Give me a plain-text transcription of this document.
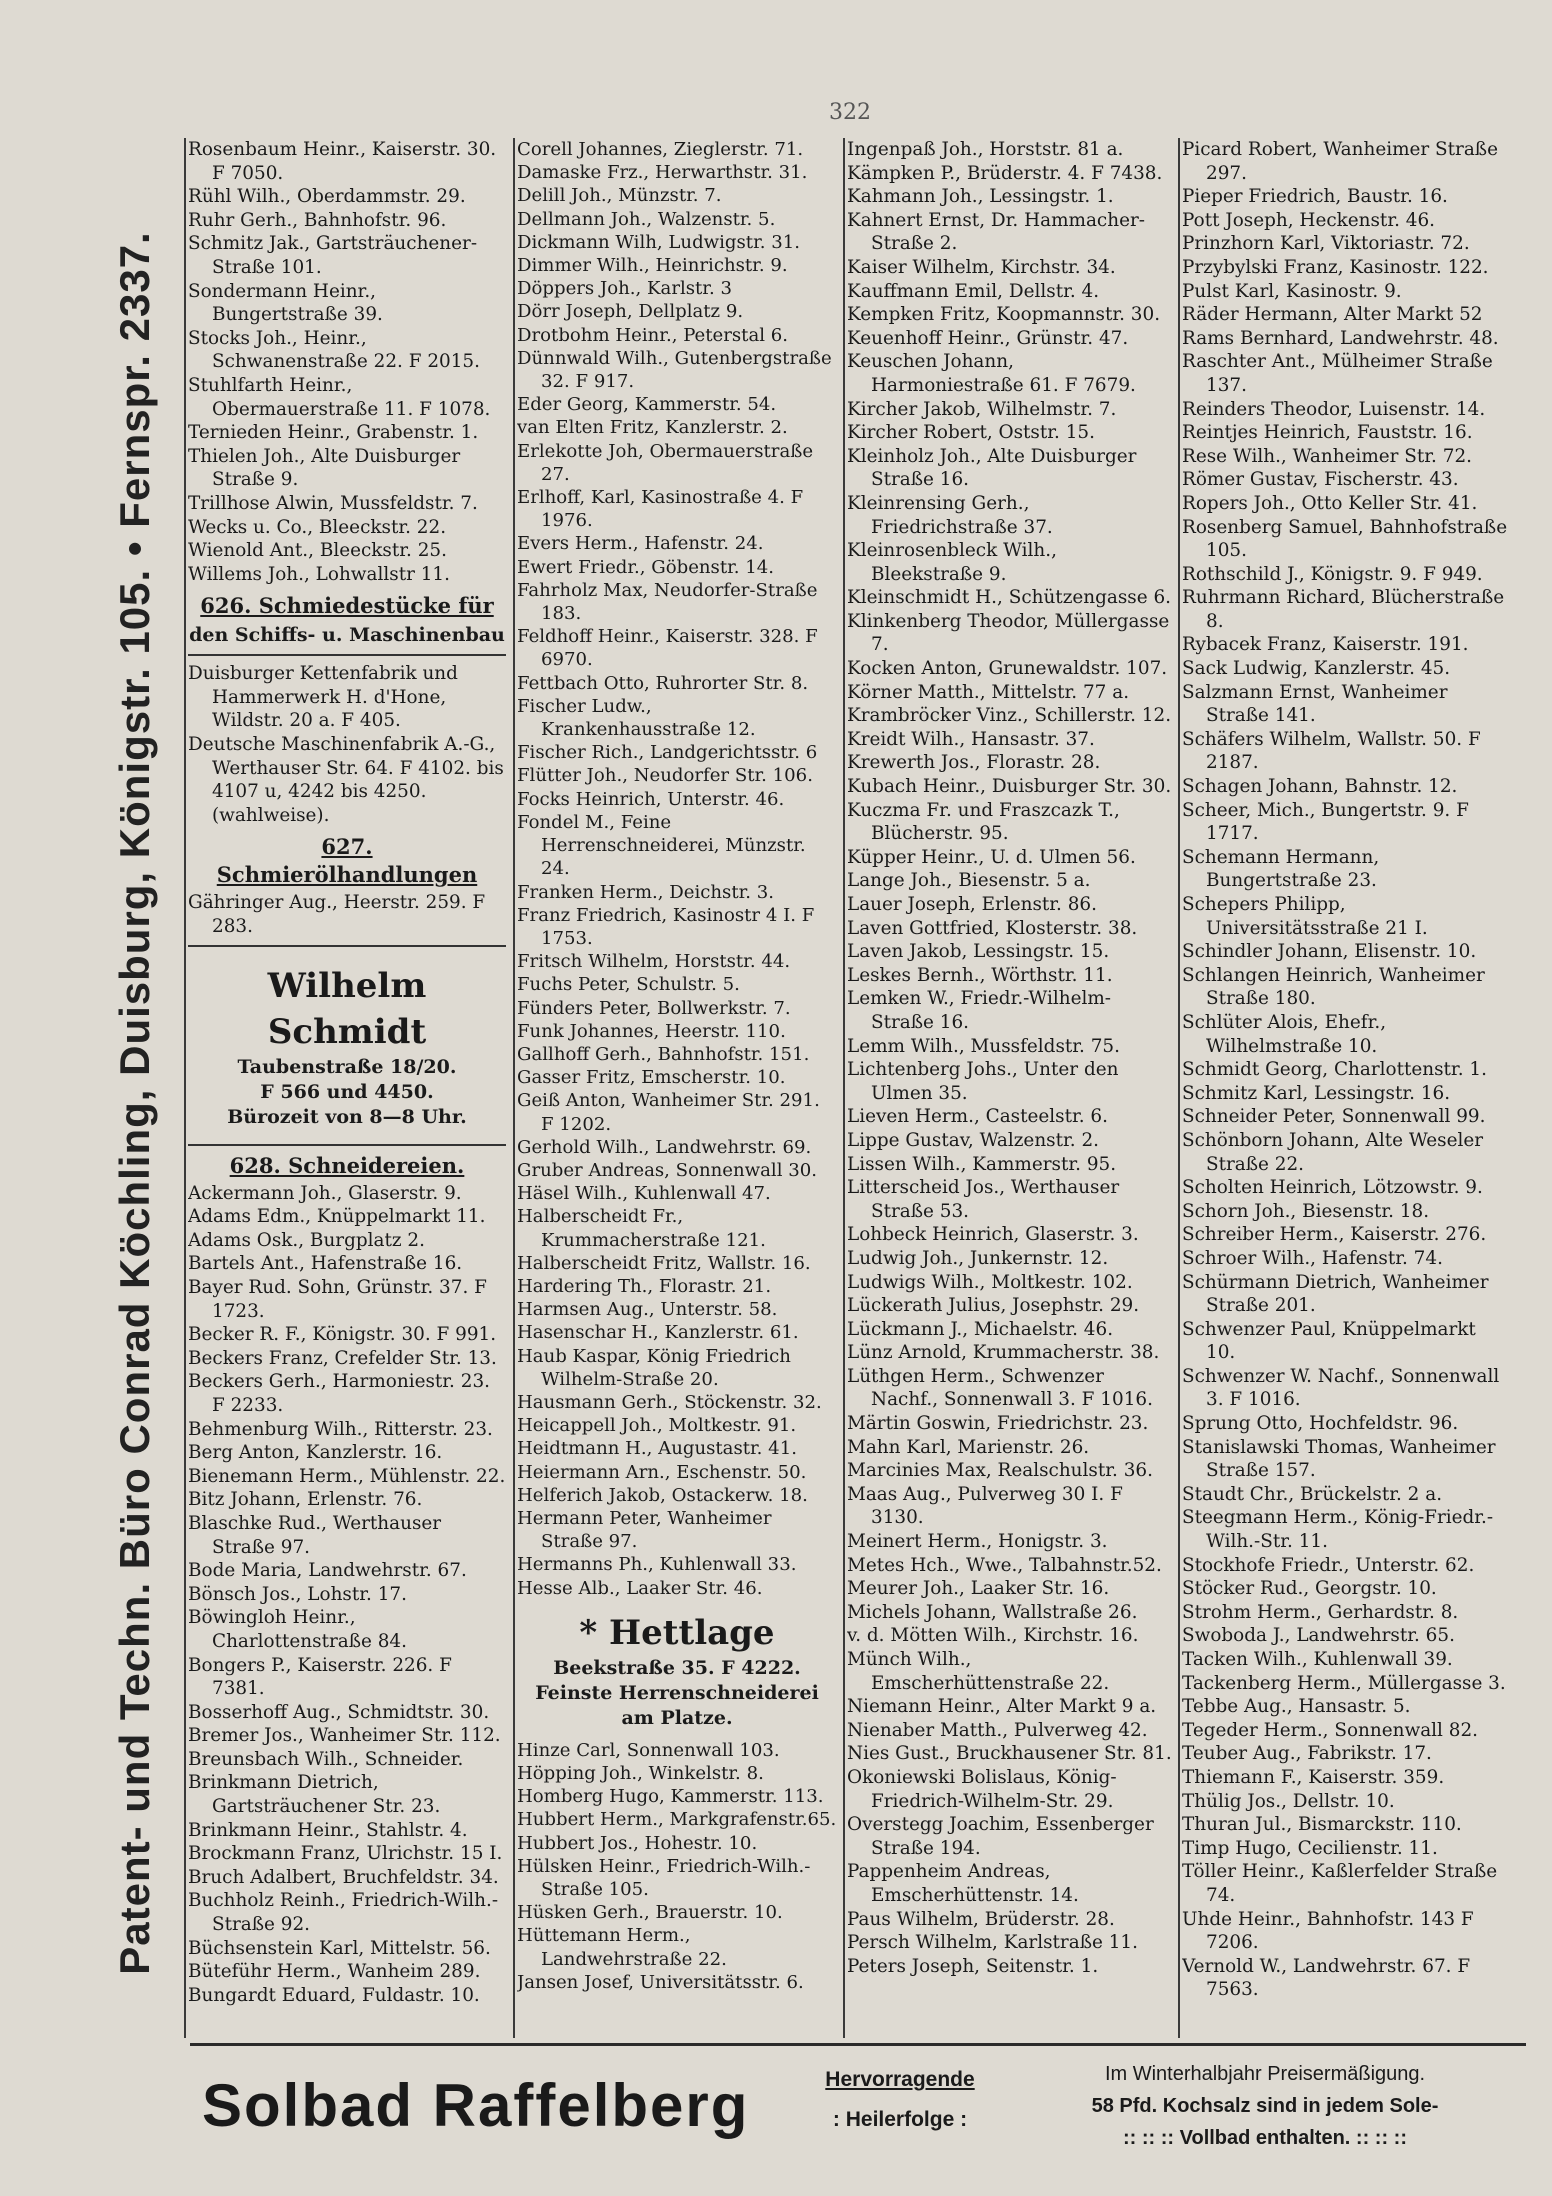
322
Patent- und Techn. Büro Conrad Köchling, Duisburg, Königstr. 105. • Fernspr. 2337.

Rosenbaum Heinr., Kaiserstr. 30. F 7050.

Rühl Wilh., Oberdammstr. 29.

Ruhr Gerh., Bahnhofstr. 96.

Schmitz Jak., Gartsträuchener-Straße 101.

Sondermann Heinr., Bungertstraße 39.

Stocks Joh., Heinr., Schwanenstraße 22. F 2015.

Stuhlfarth Heinr., Obermauerstraße 11. F 1078.

Ternieden Heinr., Grabenstr. 1.

Thielen Joh., Alte Duisburger Straße 9.

Trillhose Alwin, Mussfeldstr. 7.

Wecks u. Co., Bleeckstr. 22.

Wienold Ant., Bleeckstr. 25.

Willems Joh., Lohwallstr 11.

626. Schmiedestücke für
den Schiffs- u. Maschinenbau

Duisburger Kettenfabrik und Hammerwerk H. d'Hone, Wildstr. 20 a. F 405.

Deutsche Maschinenfabrik A.-G., Werthauser Str. 64. F 4102. bis 4107 u, 4242 bis 4250. (wahlweise).

627. Schmierölhandlungen

Gähringer Aug., Heerstr. 259. F 283.

Wilhelm Schmidt
Taubenstraße 18/20.
F 566 und 4450.
Bürozeit von 8—8 Uhr.
628. Schneidereien.

Ackermann Joh., Glaserstr. 9.

Adams Edm., Knüppelmarkt 11.

Adams Osk., Burgplatz 2.

Bartels Ant., Hafenstraße 16.

Bayer Rud. Sohn, Grünstr. 37. F 1723.

Becker R. F., Königstr. 30. F 991.

Beckers Franz, Crefelder Str. 13.

Beckers Gerh., Harmoniestr. 23. F 2233.

Behmenburg Wilh., Ritterstr. 23.

Berg Anton, Kanzlerstr. 16.

Bienemann Herm., Mühlenstr. 22.

Bitz Johann, Erlenstr. 76.

Blaschke Rud., Werthauser Straße 97.

Bode Maria, Landwehrstr. 67.

Bönsch Jos., Lohstr. 17.

Böwingloh Heinr., Charlottenstraße 84.

Bongers P., Kaiserstr. 226. F 7381.

Bosserhoff Aug., Schmidtstr. 30.

Bremer Jos., Wanheimer Str. 112.

Breunsbach Wilh., Schneider.

Brinkmann Dietrich, Gartsträuchener Str. 23.

Brinkmann Heinr., Stahlstr. 4.

Brockmann Franz, Ulrichstr. 15 I.

Bruch Adalbert, Bruchfeldstr. 34.

Buchholz Reinh., Friedrich-Wilh.-Straße 92.

Büchsenstein Karl, Mittelstr. 56.

Büteführ Herm., Wanheim 289.

Bungardt Eduard, Fuldastr. 10.

Corell Johannes, Zieglerstr. 71.

Damaske Frz., Herwarthstr. 31.

Delill Joh., Münzstr. 7.

Dellmann Joh., Walzenstr. 5.

Dickmann Wilh, Ludwigstr. 31.

Dimmer Wilh., Heinrichstr. 9.

Döppers Joh., Karlstr. 3

Dörr Joseph, Dellplatz 9.

Drotbohm Heinr., Peterstal 6.

Dünnwald Wilh., Gutenbergstraße 32. F 917.

Eder Georg, Kammerstr. 54.

van Elten Fritz, Kanzlerstr. 2.

Erlekotte Joh, Obermauerstraße 27.

Erlhoff, Karl, Kasinostraße 4. F 1976.

Evers Herm., Hafenstr. 24.

Ewert Friedr., Göbenstr. 14.

Fahrholz Max, Neudorfer-Straße 183.

Feldhoff Heinr., Kaiserstr. 328. F 6970.

Fettbach Otto, Ruhrorter Str. 8.

Fischer Ludw., Krankenhausstraße 12.

Fischer Rich., Landgerichtsstr. 6

Flütter Joh., Neudorfer Str. 106.

Focks Heinrich, Unterstr. 46.

Fondel M., Feine Herrenschneiderei, Münzstr. 24.

Franken Herm., Deichstr. 3.

Franz Friedrich, Kasinostr 4 I. F 1753.

Fritsch Wilhelm, Horststr. 44.

Fuchs Peter, Schulstr. 5.

Fünders Peter, Bollwerkstr. 7.

Funk Johannes, Heerstr. 110.

Gallhoff Gerh., Bahnhofstr. 151.

Gasser Fritz, Emscherstr. 10.

Geiß Anton, Wanheimer Str. 291. F 1202.

Gerhold Wilh., Landwehrstr. 69.

Gruber Andreas, Sonnenwall 30.

Häsel Wilh., Kuhlenwall 47.

Halberscheidt Fr., Krummacherstraße 121.

Halberscheidt Fritz, Wallstr. 16.

Hardering Th., Florastr. 21.

Harmsen Aug., Unterstr. 58.

Hasenschar H., Kanzlerstr. 61.

Haub Kaspar, König Friedrich Wilhelm-Straße 20.

Hausmann Gerh., Stöckenstr. 32.

Heicappell Joh., Moltkestr. 91.

Heidtmann H., Augustastr. 41.

Heiermann Arn., Eschenstr. 50.

Helferich Jakob, Ostackerw. 18.

Hermann Peter, Wanheimer Straße 97.

Hermanns Ph., Kuhlenwall 33.

Hesse Alb., Laaker Str. 46.

* Hettlage
Beekstraße 35. F 4222.
Feinste Herrenschneiderei am Platze.

Hinze Carl, Sonnenwall 103.

Höpping Joh., Winkelstr. 8.

Homberg Hugo, Kammerstr. 113.

Hubbert Herm., Markgrafenstr.65.

Hubbert Jos., Hohestr. 10.

Hülsken Heinr., Friedrich-Wilh.-Straße 105.

Hüsken Gerh., Brauerstr. 10.

Hüttemann Herm., Landwehrstraße 22.

Jansen Josef, Universitätsstr. 6.

Ingenpaß Joh., Horststr. 81 a.

Kämpken P., Brüderstr. 4. F 7438.

Kahmann Joh., Lessingstr. 1.

Kahnert Ernst, Dr. Hammacher-Straße 2.

Kaiser Wilhelm, Kirchstr. 34.

Kauffmann Emil, Dellstr. 4.

Kempken Fritz, Koopmannstr. 30.

Keuenhoff Heinr., Grünstr. 47.

Keuschen Johann, Harmoniestraße 61. F 7679.

Kircher Jakob, Wilhelmstr. 7.

Kircher Robert, Oststr. 15.

Kleinholz Joh., Alte Duisburger Straße 16.

Kleinrensing Gerh., Friedrichstraße 37.

Kleinrosenbleck Wilh., Bleekstraße 9.

Kleinschmidt H., Schützengasse 6.

Klinkenberg Theodor, Müllergasse 7.

Kocken Anton, Grunewaldstr. 107.

Körner Matth., Mittelstr. 77 a.

Krambröcker Vinz., Schillerstr. 12.

Kreidt Wilh., Hansastr. 37.

Krewerth Jos., Florastr. 28.

Kubach Heinr., Duisburger Str. 30.

Kuczma Fr. und Fraszcazk T., Blücherstr. 95.

Küpper Heinr., U. d. Ulmen 56.

Lange Joh., Biesenstr. 5 a.

Lauer Joseph, Erlenstr. 86.

Laven Gottfried, Klosterstr. 38.

Laven Jakob, Lessingstr. 15.

Leskes Bernh., Wörthstr. 11.

Lemken W., Friedr.-Wilhelm-Straße 16.

Lemm Wilh., Mussfeldstr. 75.

Lichtenberg Johs., Unter den Ulmen 35.

Lieven Herm., Casteelstr. 6.

Lippe Gustav, Walzenstr. 2.

Lissen Wilh., Kammerstr. 95.

Litterscheid Jos., Werthauser Straße 53.

Lohbeck Heinrich, Glaserstr. 3.

Ludwig Joh., Junkernstr. 12.

Ludwigs Wilh., Moltkestr. 102.

Lückerath Julius, Josephstr. 29.

Lückmann J., Michaelstr. 46.

Lünz Arnold, Krummacherstr. 38.

Lüthgen Herm., Schwenzer Nachf., Sonnenwall 3. F 1016.

Märtin Goswin, Friedrichstr. 23.

Mahn Karl, Marienstr. 26.

Marcinies Max, Realschulstr. 36.

Maas Aug., Pulverweg 30 I. F 3130.

Meinert Herm., Honigstr. 3.

Metes Hch., Wwe., Talbahnstr.52.

Meurer Joh., Laaker Str. 16.

Michels Johann, Wallstraße 26.

v. d. Mötten Wilh., Kirchstr. 16.

Münch Wilh., Emscherhüttenstraße 22.

Niemann Heinr., Alter Markt 9 a.

Nienaber Matth., Pulverweg 42.

Nies Gust., Bruckhausener Str. 81.

Okoniewski Bolislaus, König-Friedrich-Wilhelm-Str. 29.

Overstegg Joachim, Essenberger Straße 194.

Pappenheim Andreas, Emscherhüttenstr. 14.

Paus Wilhelm, Brüderstr. 28.

Persch Wilhelm, Karlstraße 11.

Peters Joseph, Seitenstr. 1.

Picard Robert, Wanheimer Straße 297.

Pieper Friedrich, Baustr. 16.

Pott Joseph, Heckenstr. 46.

Prinzhorn Karl, Viktoriastr. 72.

Przybylski Franz, Kasinostr. 122.

Pulst Karl, Kasinostr. 9.

Räder Hermann, Alter Markt 52

Rams Bernhard, Landwehrstr. 48.

Raschter Ant., Mülheimer Straße 137.

Reinders Theodor, Luisenstr. 14.

Reintjes Heinrich, Fauststr. 16.

Rese Wilh., Wanheimer Str. 72.

Römer Gustav, Fischerstr. 43.

Ropers Joh., Otto Keller Str. 41.

Rosenberg Samuel, Bahnhofstraße 105.

Rothschild J., Königstr. 9. F 949.

Ruhrmann Richard, Blücherstraße 8.

Rybacek Franz, Kaiserstr. 191.

Sack Ludwig, Kanzlerstr. 45.

Salzmann Ernst, Wanheimer Straße 141.

Schäfers Wilhelm, Wallstr. 50. F 2187.

Schagen Johann, Bahnstr. 12.

Scheer, Mich., Bungertstr. 9. F 1717.

Schemann Hermann, Bungertstraße 23.

Schepers Philipp, Universitätsstraße 21 I.

Schindler Johann, Elisenstr. 10.

Schlangen Heinrich, Wanheimer Straße 180.

Schlüter Alois, Ehefr., Wilhelmstraße 10.

Schmidt Georg, Charlottenstr. 1.

Schmitz Karl, Lessingstr. 16.

Schneider Peter, Sonnenwall 99.

Schönborn Johann, Alte Weseler Straße 22.

Scholten Heinrich, Lötzowstr. 9.

Schorn Joh., Biesenstr. 18.

Schreiber Herm., Kaiserstr. 276.

Schroer Wilh., Hafenstr. 74.

Schürmann Dietrich, Wanheimer Straße 201.

Schwenzer Paul, Knüppelmarkt 10.

Schwenzer W. Nachf., Sonnenwall 3. F 1016.

Sprung Otto, Hochfeldstr. 96.

Stanislawski Thomas, Wanheimer Straße 157.

Staudt Chr., Brückelstr. 2 a.

Steegmann Herm., König-Friedr.-Wilh.-Str. 11.

Stockhofe Friedr., Unterstr. 62.

Stöcker Rud., Georgstr. 10.

Strohm Herm., Gerhardstr. 8.

Swoboda J., Landwehrstr. 65.

Tacken Wilh., Kuhlenwall 39.

Tackenberg Herm., Müllergasse 3.

Tebbe Aug., Hansastr. 5.

Tegeder Herm., Sonnenwall 82.

Teuber Aug., Fabrikstr. 17.

Thiemann F., Kaiserstr. 359.

Thülig Jos., Dellstr. 10.

Thuran Jul., Bismarckstr. 110.

Timp Hugo, Cecilienstr. 11.

Töller Heinr., Kaßlerfelder Straße 74.

Uhde Heinr., Bahnhofstr. 143 F 7206.

Vernold W., Landwehrstr. 67. F 7563.

Solbad Raffelberg	Hervorragende
: Heilerfolge :
Im Winterhalbjahr Preisermäßigung.
58 Pfd. Kochsalz sind in jedem Sole-
:: :: :: Vollbad enthalten. :: :: ::
